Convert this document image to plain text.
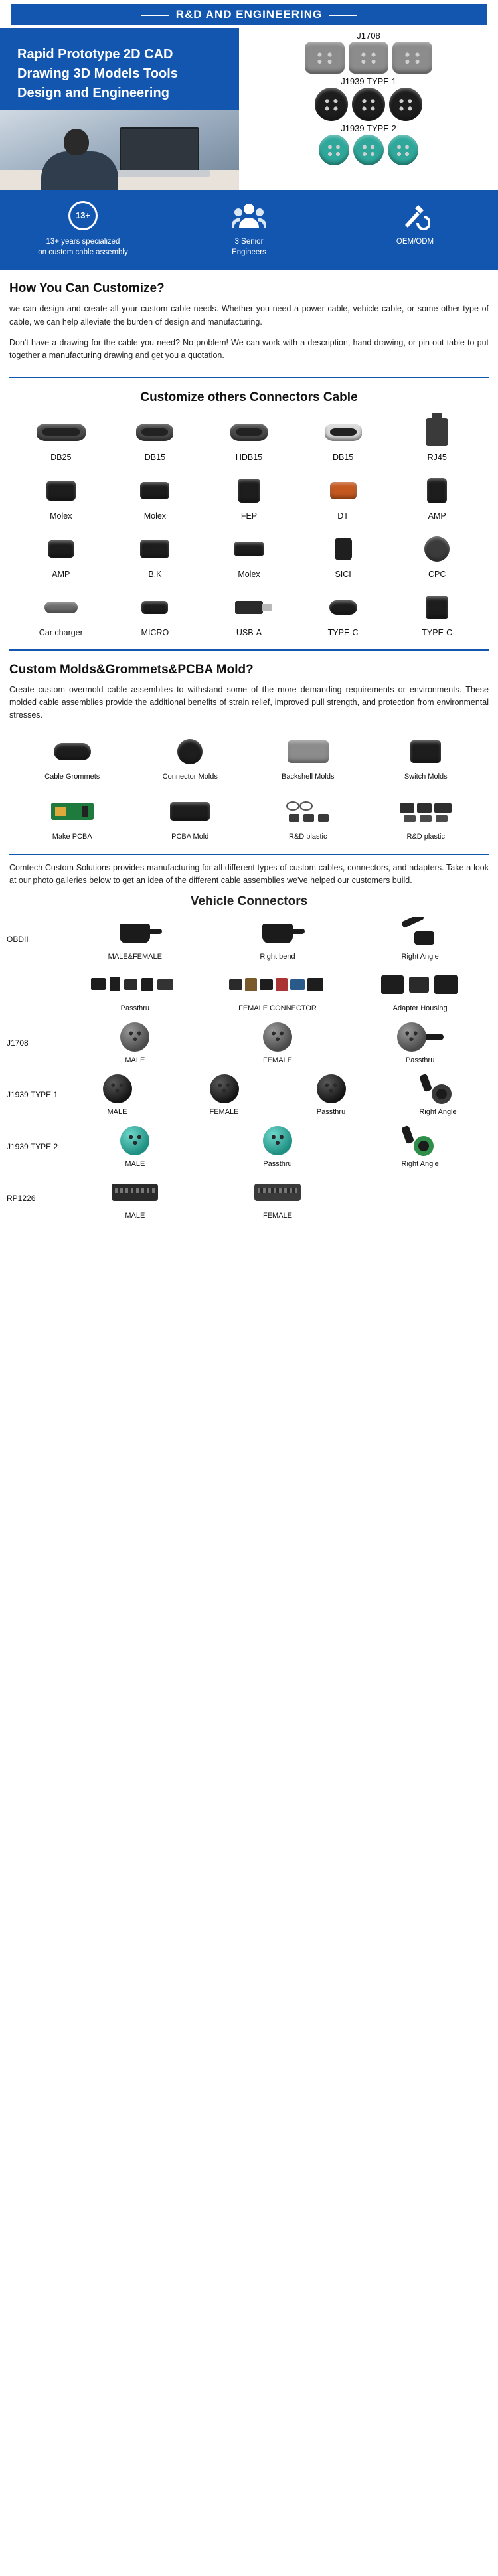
R&D AND ENGINEERING
Rapid Prototype 2D CAD Drawing 3D Models Tools Design and Engineering
J1708
J1939 TYPE 1
J1939 TYPE 2
13+
13+ years specialized
on custom cable assembly
3 Senior
Engineers
OEM/ODM
How You Can Customize?

we can design and create all your custom cable needs. Whether you need a power cable, vehicle cable, or some other type of cable, we can help alleviate the burden of design and manufacturing.

Don't have a drawing for the cable you need? No problem! We can work with a description, hand drawing, or pin-out table to put together a manufacturing drawing and get you a quotation.

Customize others Connectors Cable
DB25	DB15	HDB15	DB15	RJ45
Molex	Molex	FEP	DT	AMP
AMP	B.K	Molex	SICI	CPC
Car charger	MICRO	USB-A	TYPE-C	TYPE-C
Custom Molds&Grommets&PCBA Mold?

Create custom overmold cable assemblies to withstand some of the more demanding requirements or environments. These molded cable assemblies provide the additional benefits of strain relief, improved pull strength, and protection from environmental stresses.

Cable Grommets	Connector Molds	Backshell Molds	Switch Molds
Make PCBA	PCBA Mold	R&D plastic	R&D plastic

Comtech Custom Solutions provides manufacturing for all different types of custom cables, connectors, and adapters. Take a look at our photo galleries below to get an idea of the different cable assemblies we've helped our customers build.

Vehicle Connectors
OBDII
MALE&FEMALE	Right bend	Right Angle
Passthru	FEMALE CONNECTOR	Adapter Housing
J1708
MALE	FEMALE	Passthru
J1939 TYPE 1
MALE	FEMALE	Passthru	Right Angle
J1939 TYPE 2
MALE	Passthru	Right Angle
RP1226
MALE	FEMALE
